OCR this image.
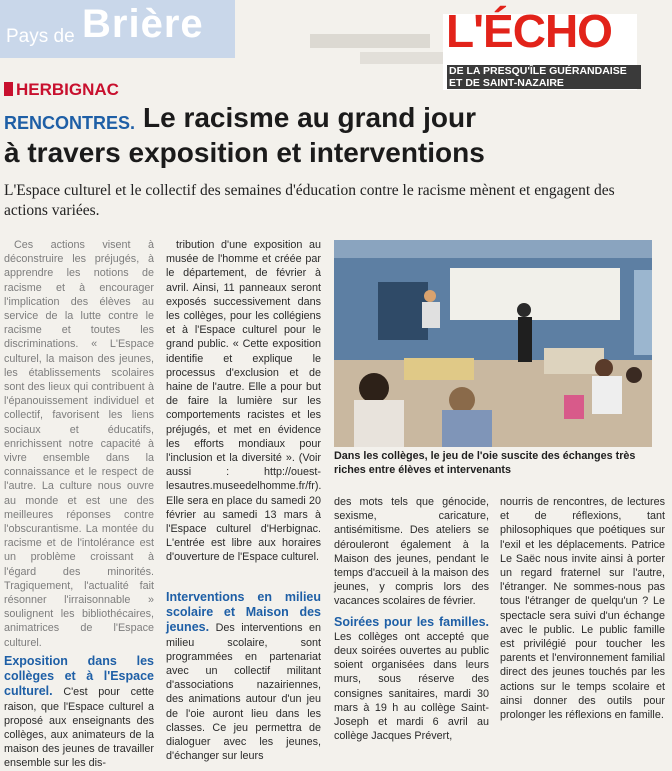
Pays de Brière	L'ÉCHO
DE LA PRESQU'ÎLE GUÉRANDAISE ET DE SAINT-NAZAIRE
HERBIGNAC
RENCONTRES. Le racisme au grand jour
à travers exposition et interventions
L'Espace culturel et le collectif des semaines d'éducation contre le racisme mènent et engagent des actions variées.

Ces actions visent à déconstruire les préjugés, à apprendre les notions de racisme et à encourager l'implication des élèves au service de la lutte contre le racisme et toutes les discriminations. « L'Espace culturel, la maison des jeunes, les établissements scolaires sont des lieux qui contribuent à l'épanouissement individuel et collectif, favorisent les liens sociaux et éducatifs, enrichissent notre capacité à vivre ensemble dans la connaissance et le respect de l'autre. La culture nous ouvre au monde et est une des meilleures réponses contre l'obscurantisme. La montée du racisme et de l'intolérance est un problème croissant à l'égard des minorités. Tragiquement, l'actualité fait résonner l'irraisonnable » soulignent les bibliothécaires, animatrices de l'Espace culturel.

Exposition dans les collèges et à l'Espace culturel. C'est pour cette raison, que l'Espace culturel a proposé aux enseignants des collèges, aux animateurs de la maison des jeunes de travailler ensemble sur les dis-

tribution d'une exposition au musée de l'homme et créée par le département, de février à avril. Ainsi, 11 panneaux seront exposés successivement dans les collèges, pour les collégiens et à l'Espace culturel pour le grand public. « Cette exposition identifie et explique le processus d'exclusion et de haine de l'autre. Elle a pour but de faire la lumière sur les comportements racistes et les préjugés, et met en évidence les efforts mondiaux pour l'inclusion et la diversité ». (Voir aussi : http://ouest-lesautres.museedelhomme.fr/fr). Elle sera en place du samedi 20 février au samedi 13 mars à l'Espace culturel d'Herbignac. L'entrée est libre aux horaires d'ouverture de l'Espace culturel.

Interventions en milieu scolaire et Maison des jeunes. Des interventions en milieu scolaire, sont programmées en partenariat avec un collectif militant d'associations nazairiennes, des animations autour d'un jeu de l'oie auront lieu dans les classes. Ce jeu permettra de dialoguer avec les jeunes, d'échanger sur leurs

Dans les collèges, le jeu de l'oie suscite des échanges très riches entre élèves et intervenants

des mots tels que génocide, sexisme, caricature, antisémitisme. Des ateliers se dérouleront également à la Maison des jeunes, pendant le temps d'accueil à la maison des jeunes, y compris lors des vacances scolaires de février.

Soirées pour les familles. Les collèges ont accepté que deux soirées ouvertes au public soient organisées dans leurs murs, sous réserve des consignes sanitaires, mardi 30 mars à 19 h au collège Saint-Joseph et mardi 6 avril au collège Jacques Prévert,

nourris de rencontres, de lectures et de réflexions, tant philosophiques que poétiques sur l'exil et les déplacements. Patrice Le Saëc nous invite ainsi à porter un regard fraternel sur l'autre, l'étranger. Ne sommes-nous pas tous l'étranger de quelqu'un ? Le spectacle sera suivi d'un échange avec le public. Le public famille est privilégié pour toucher les parents et l'environnement familial direct des jeunes touchés par les actions sur le temps scolaire et ainsi donner des outils pour prolonger les réflexions en famille.
